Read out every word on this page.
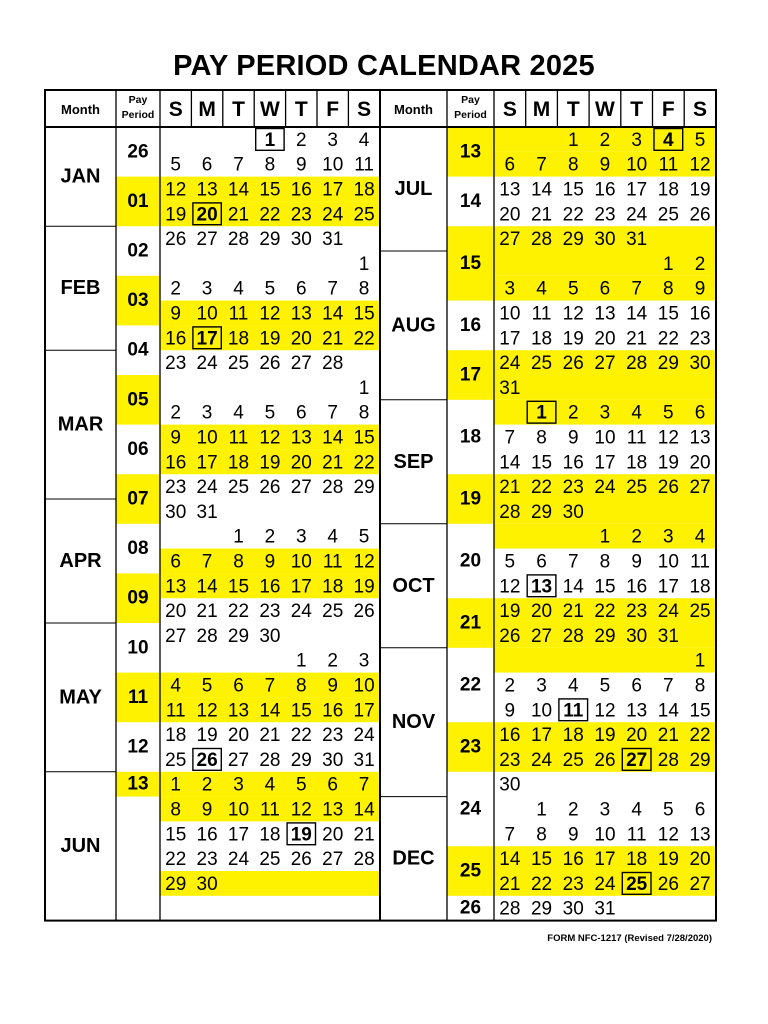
PAY PERIOD CALENDAR 2025
Month
Pay
Period S M T W T F S
JAN
FEB
MAR
APR
MAY
JUN
26
01
02
03
04
05
06
07
08
09
10
11
12
13
1 2 3 4
5 6 7 8 9 10 11
12 13 14 15 16 17 18
19 20 21 22 23 24 25
26 27 28 29 30 31
1
2 3 4 5 6 7 8
9 10 11 12 13 14 15
16 17 18 19 20 21 22
23 24 25 26 27 28
1
2 3 4 5 6 7 8
9 10 11 12 13 14 15
16 17 18 19 20 21 22
23 24 25 26 27 28 29
30 31
1 2 3 4 5
6 7 8 9 10 11 12
13 14 15 16 17 18 19
20 21 22 23 24 25 26
27 28 29 30
1 2 3
4 5 6 7 8 9 10
11 12 13 14 15 16 17
18 19 20 21 22 23 24
25 26 27 28 29 30 31
1 2 3 4 5 6 7
8 9 10 11 12 13 14
15 16 17 18 19 20 21
22 23 24 25 26 27 28
29 30
Month
Pay
Period S M T W T F S
JUL
AUG
SEP
OCT
NOV
DEC
13
14
15
16
17
18
19
20
21
22
23
24
25
26
1 2 3 4 5
6 7 8 9 10 11 12
13 14 15 16 17 18 19
20 21 22 23 24 25 26
27 28 29 30 31
1 2
3 4 5 6 7 8 9
10 11 12 13 14 15 16
17 18 19 20 21 22 23
24 25 26 27 28 29 30
31
1 2 3 4 5 6
7 8 9 10 11 12 13
14 15 16 17 18 19 20
21 22 23 24 25 26 27
28 29 30
1 2 3 4
5 6 7 8 9 10 11
12 13 14 15 16 17 18
19 20 21 22 23 24 25
26 27 28 29 30 31
1
2 3 4 5 6 7 8
9 10 11 12 13 14 15
16 17 18 19 20 21 22
23 24 25 26 27 28 29
30
1 2 3 4 5 6
7 8 9 10 11 12 13
14 15 16 17 18 19 20
21 22 23 24 25 26 27
28 29 30 31
FORM NFC-1217 (Revised 7/28/2020)
